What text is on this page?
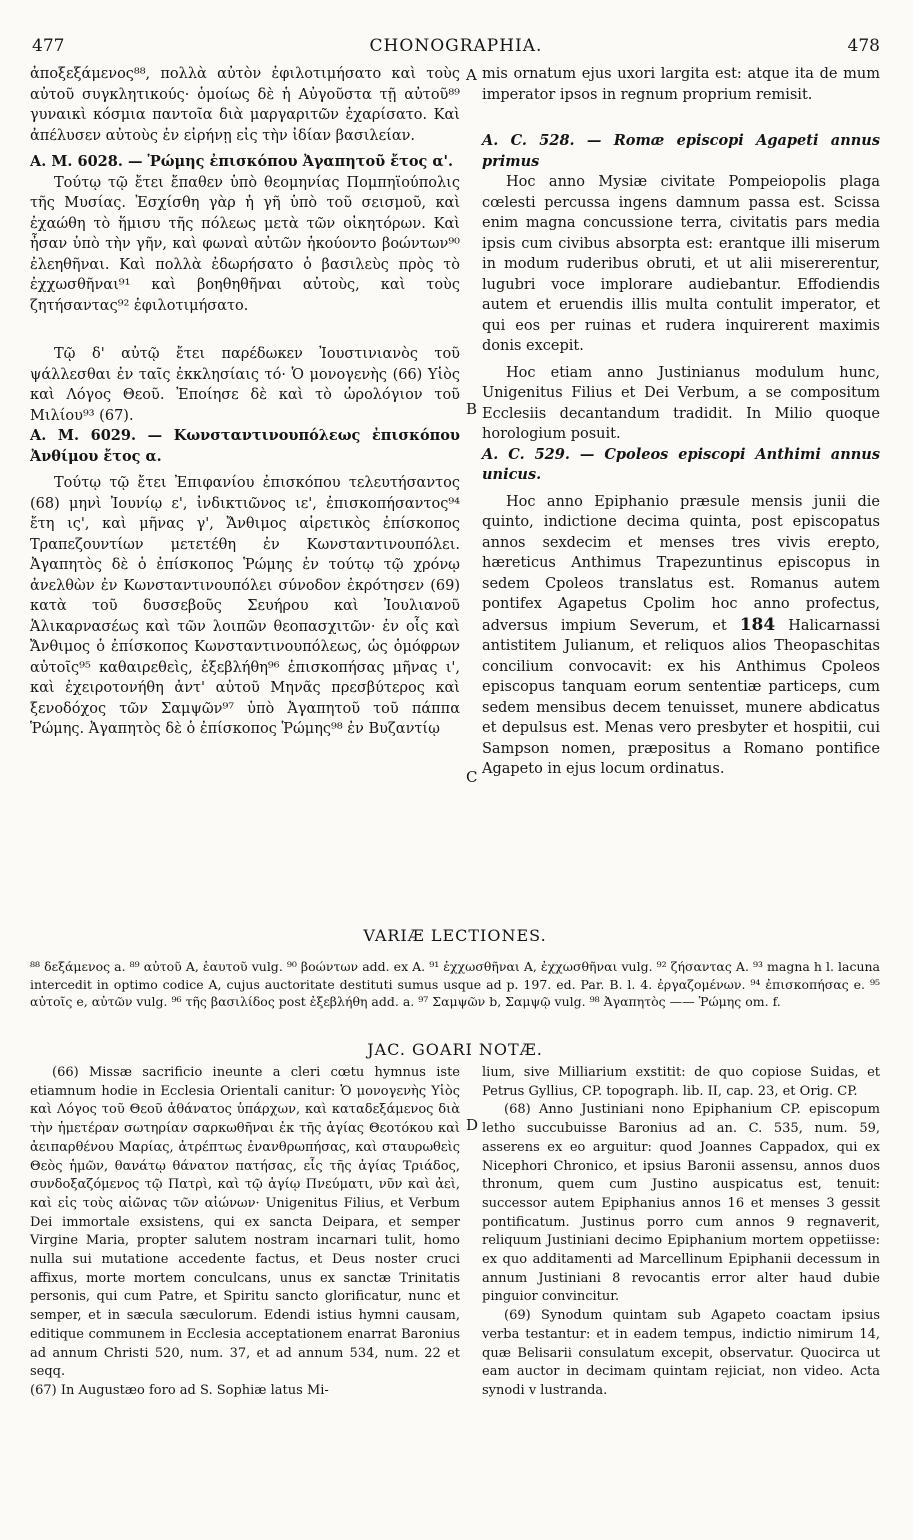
477	CHONOGRAPHIA.	478

ἀποξεξάμενος⁸⁸, πολλὰ αὐτὸν ἐφιλοτιμήσατο καὶ τοὺς αὐτοῦ συγκλητικούς· ὁμοίως δὲ ἡ Αὐγοῦστα τῇ αὐτοῦ⁸⁹ γυναικὶ κόσμια παντοῖα διὰ μαργαριτῶν ἐχαρίσατο. Καὶ ἀπέλυσεν αὐτοὺς ἐν εἰρήνῃ εἰς τὴν ἰδίαν βασιλείαν.

A. M. 6028. — Ῥώμης ἐπισκόπου Ἀγαπητοῦ ἔτος α'.

Τούτῳ τῷ ἔτει ἔπαθεν ὑπὸ θεομηνίας Πομπηϊούπολις τῆς Μυσίας. Ἐσχίσθη γὰρ ἡ γῆ ὑπὸ τοῦ σεισμοῦ, καὶ ἐχαώθη τὸ ἥμισυ τῆς πόλεως μετὰ τῶν οἰκητόρων. Καὶ ἦσαν ὑπὸ τὴν γῆν, καὶ φωναὶ αὐτῶν ἠκούοντο βοώντων⁹⁰ ἐλεηθῆναι. Καὶ πολλὰ ἐδωρήσατο ὁ βασιλεὺς πρὸς τὸ ἐχχωσθῆναι⁹¹ καὶ βοηθηθῆναι αὐτοὺς, καὶ τοὺς ζητήσαντας⁹² ἐφιλοτιμήσατο.

Τῷ δ' αὐτῷ ἔτει παρέδωκεν Ἰουστινιανὸς τοῦ ψάλλεσθαι ἐν ταῖς ἐκκλησίαις τό· Ὁ μονογενὴς (66) Υἱὸς καὶ Λόγος Θεοῦ. Ἐποίησε δὲ καὶ τὸ ὡρολόγιον τοῦ Μιλίου⁹³ (67).

A. M. 6029. — Κωνσταντινουπόλεως ἐπισκόπου Ἀνθίμου ἔτος α.

Τούτῳ τῷ ἔτει Ἐπιφανίου ἐπισκόπου τελευτήσαντος (68) μηνὶ Ἰουνίῳ ε', ἰνδικτιῶνος ιε', ἐπισκοπήσαντος⁹⁴ ἔτη ις', καὶ μῆνας γ', Ἄνθιμος αἱρετικὸς ἐπίσκοπος Τραπεζουντίων μετετέθη ἐν Κωνσταντινουπόλει. Ἀγαπητὸς δὲ ὁ ἐπίσκοπος Ῥώμης ἐν τούτῳ τῷ χρόνῳ ἀνελθὼν ἐν Κωνσταντινουπόλει σύνοδον ἐκρότησεν (69) κατὰ τοῦ δυσσεβοῦς Σευήρου καὶ Ἰουλιανοῦ Ἁλικαρνασέως καὶ τῶν λοιπῶν θεοπασχιτῶν· ἐν οἷς καὶ Ἄνθιμος ὁ ἐπίσκοπος Κωνσταντινουπόλεως, ὡς ὁμόφρων αὐτοῖς⁹⁵ καθαιρεθεὶς, ἐξεβλήθη⁹⁶ ἐπισκοπήσας μῆνας ι', καὶ ἐχειροτονήθη ἀντ' αὐτοῦ Μηνᾶς πρεσβύτερος καὶ ξενοδόχος τῶν Σαμψῶν⁹⁷ ὑπὸ Ἀγαπητοῦ τοῦ πάππα Ῥώμης. Ἀγαπητὸς δὲ ὁ ἐπίσκοπος Ῥώμης⁹⁸ ἐν Βυζαντίῳ

mis ornatum ejus uxori largita est: atque ita de mum imperator ipsos in regnum proprium remisit.

A. C. 528. — Romæ episcopi Agapeti annus primus

Hoc anno Mysiæ civitate Pompeiopolis plaga cœlesti percussa ingens damnum passa est. Scissa enim magna concussione terra, civitatis pars media ipsis cum civibus absorpta est: erantque illi miserum in modum ruderibus obruti, et ut alii misererentur, lugubri voce implorare audiebantur. Effodiendis autem et eruendis illis multa contulit imperator, et qui eos per ruinas et rudera inquirerent maximis donis excepit.

Hoc etiam anno Justinianus modulum hunc, Unigenitus Filius et Dei Verbum, a se compositum Ecclesiis decantandum tradidit. In Milio quoque horologium posuit.

A. C. 529. — Cpoleos episcopi Anthimi annus unicus.

Hoc anno Epiphanio præsule mensis junii die quinto, indictione decima quinta, post episcopatus annos sexdecim et menses tres vivis erepto, hæreticus Anthimus Trapezuntinus episcopus in sedem Cpoleos translatus est. Romanus autem pontifex Agapetus Cpolim hoc anno profectus, adversus impium Severum, et 184 Halicarnassi antistitem Julianum, et reliquos alios Theopaschitas concilium convocavit: ex his Anthimus Cpoleos episcopus tanquam eorum sententiæ particeps, cum sedem mensibus decem tenuisset, munere abdicatus et depulsus est. Menas vero presbyter et hospitii, cui Sampson nomen, præpositus a Romano pontifice Agapeto in ejus locum ordinatus.

A
B
C
D
VARIÆ LECTIONES.
⁸⁸ δεξάμενος a. ⁸⁹ αὐτοῦ A, ἑαυτοῦ vulg. ⁹⁰ βοώντων add. ex A. ⁹¹ ἐχχωσθῆναι A, ἐχχωσθῆναι vulg. ⁹² ζήσαντας A. ⁹³ magna h l. lacuna intercedit in optimo codice A, cujus auctoritate destituti sumus usque ad p. 197. ed. Par. B. l. 4. ἐργαζομένων. ⁹⁴ ἐπισκοπήσας e. ⁹⁵ αὐτοῖς e, αὐτῶν vulg. ⁹⁶ τῆς βασιλίδος post ἐξεβλήθη add. a. ⁹⁷ Σαμψῶν b, Σαμψῷ vulg. ⁹⁸ Ἀγαπητὸς —— Ῥώμης om. f.
JAC. GOARI NOTÆ.

(66) Missæ sacrificio ineunte a cleri cœtu hymnus iste etiamnum hodie in Ecclesia Orientali canitur: Ὁ μονογενὴς Υἱὸς καὶ Λόγος τοῦ Θεοῦ ἀθάνατος ὑπάρχων, καὶ καταδεξάμενος διὰ τὴν ἡμετέραν σωτηρίαν σαρκωθῆναι ἐκ τῆς ἁγίας Θεοτόκου καὶ ἀειπαρθένου Μαρίας, ἀτρέπτως ἐνανθρωπήσας, καὶ σταυρωθεὶς Θεὸς ἡμῶν, θανάτῳ θάνατον πατήσας, εἷς τῆς ἁγίας Τριάδος, συνδοξαζόμενος τῷ Πατρὶ, καὶ τῷ ἁγίῳ Πνεύματι, νῦν καὶ ἀεὶ, καὶ εἰς τοὺς αἰῶνας τῶν αἰώνων· Unigenitus Filius, et Verbum Dei immortale exsistens, qui ex sancta Deipara, et semper Virgine Maria, propter salutem nostram incarnari tulit, homo nulla sui mutatione accedente factus, et Deus noster cruci affixus, morte mortem conculcans, unus ex sanctæ Trinitatis personis, qui cum Patre, et Spiritu sancto glorificatur, nunc et semper, et in sæcula sæculorum. Edendi istius hymni causam, editique communem in Ecclesia acceptationem enarrat Baronius ad annum Christi 520, num. 37, et ad annum 534, num. 22 et seqq.

(67) In Augustæo foro ad S. Sophiæ latus Mi-

lium, sive Milliarium exstitit: de quo copiose Suidas, et Petrus Gyllius, CP. topograph. lib. II, cap. 23, et Orig. CP.

(68) Anno Justiniani nono Epiphanium CP. episcopum letho succubuisse Baronius ad an. C. 535, num. 59, asserens ex eo arguitur: quod Joannes Cappadox, qui ex Nicephori Chronico, et ipsius Baronii assensu, annos duos thronum, quem cum Justino auspicatus est, tenuit: successor autem Epiphanius annos 16 et menses 3 gessit pontificatum. Justinus porro cum annos 9 regnaverit, reliquum Justiniani decimo Epiphanium mortem oppetiisse: ex quo additamenti ad Marcellinum Epiphanii decessum in annum Justiniani 8 revocantis error alter haud dubie pinguior convincitur.

(69) Synodum quintam sub Agapeto coactam ipsius verba testantur: et in eadem tempus, indictio nimirum 14, quæ Belisarii consulatum excepit, observatur. Quocirca ut eam auctor in decimam quintam rejiciat, non video. Acta synodi v lustranda.
